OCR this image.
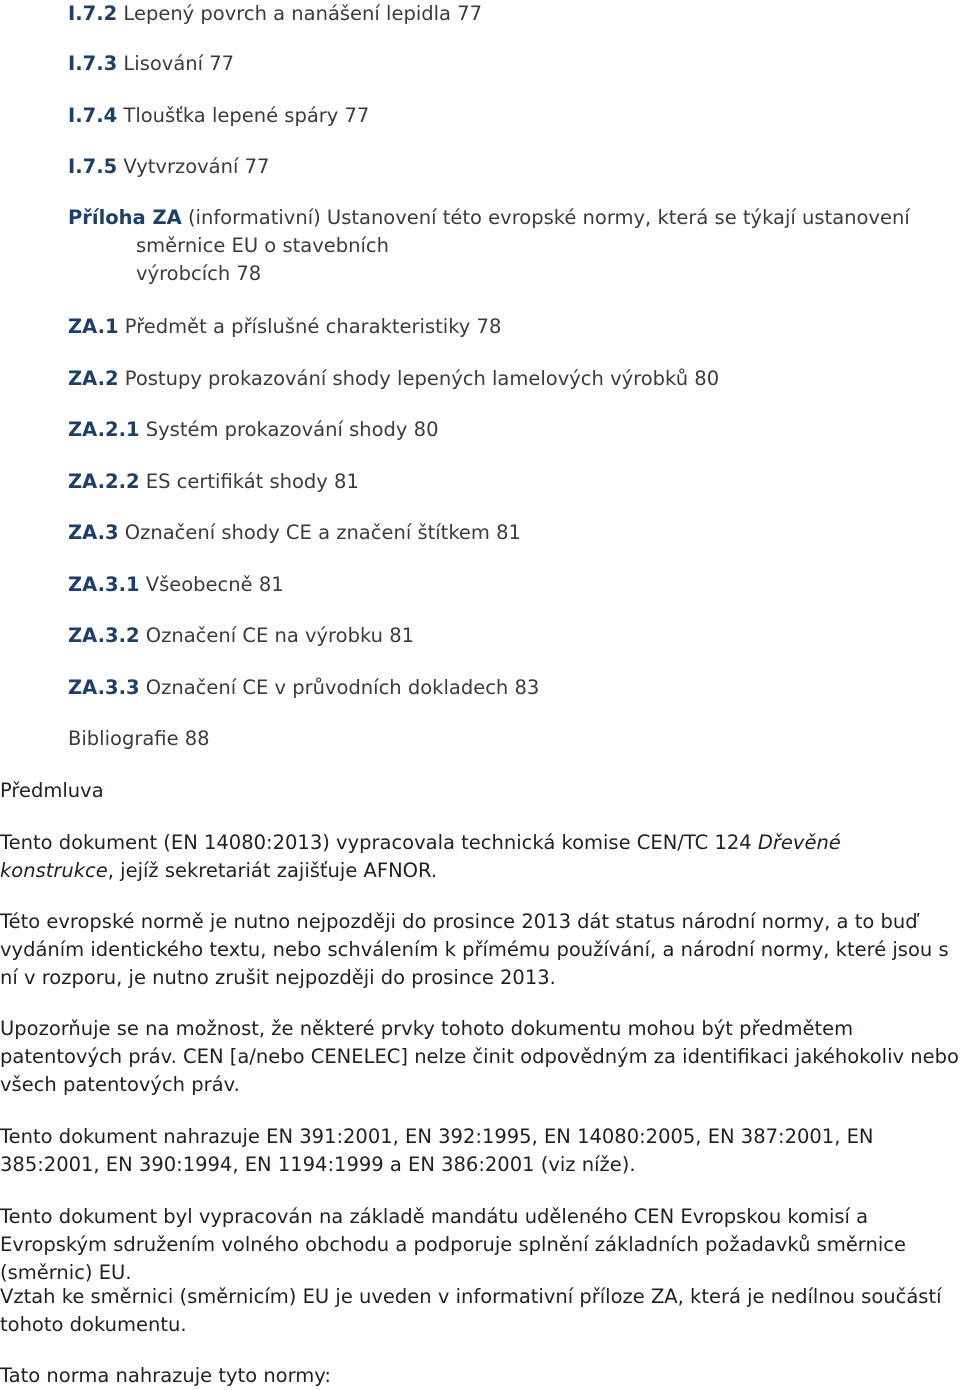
I.7.2 Lepený povrch a nanášení lepidla 77

I.7.3 Lisování 77

I.7.4 Tloušťka lepené spáry 77

I.7.5 Vytvrzování 77

Příloha ZA (informativní) Ustanovení této evropské normy, která se týkají ustanovení
směrnice EU o stavebních
výrobcích 78

ZA.1 Předmět a příslušné charakteristiky 78

ZA.2 Postupy prokazování shody lepených lamelových výrobků 80

ZA.2.1 Systém prokazování shody 80

ZA.2.2 ES certifikát shody 81

ZA.3 Označení shody CE a značení štítkem 81

ZA.3.1 Všeobecně 81

ZA.3.2 Označení CE na výrobku 81

ZA.3.3 Označení CE v průvodních dokladech 83

Bibliografie 88

Předmluva

Tento dokument (EN 14080:2013) vypracovala technická komise CEN/TC 124 Dřevěné konstrukce, jejíž sekretariát zajišťuje AFNOR.

Této evropské normě je nutno nejpozději do prosince 2013 dát status národní normy, a to buď vydáním identického textu, nebo schválením k přímému používání, a národní normy, které jsou s ní v rozporu, je nutno zrušit nejpozději do prosince 2013.

Upozorňuje se na možnost, že některé prvky tohoto dokumentu mohou být předmětem patentových práv. CEN [a/nebo CENELEC] nelze činit odpovědným za identifikaci jakéhokoliv nebo všech patentových práv.

Tento dokument nahrazuje EN 391:2001, EN 392:1995, EN 14080:2005, EN 387:2001, EN 385:2001, EN 390:1994, EN 1194:1999 a EN 386:2001 (viz níže).

Tento dokument byl vypracován na základě mandátu uděleného CEN Evropskou komisí a Evropským sdružením volného obchodu a podporuje splnění základních požadavků směrnice (směrnic) EU.

Vztah ke směrnici (směrnicím) EU je uveden v informativní příloze ZA, která je nedílnou součástí tohoto dokumentu.

Tato norma nahrazuje tyto normy:
